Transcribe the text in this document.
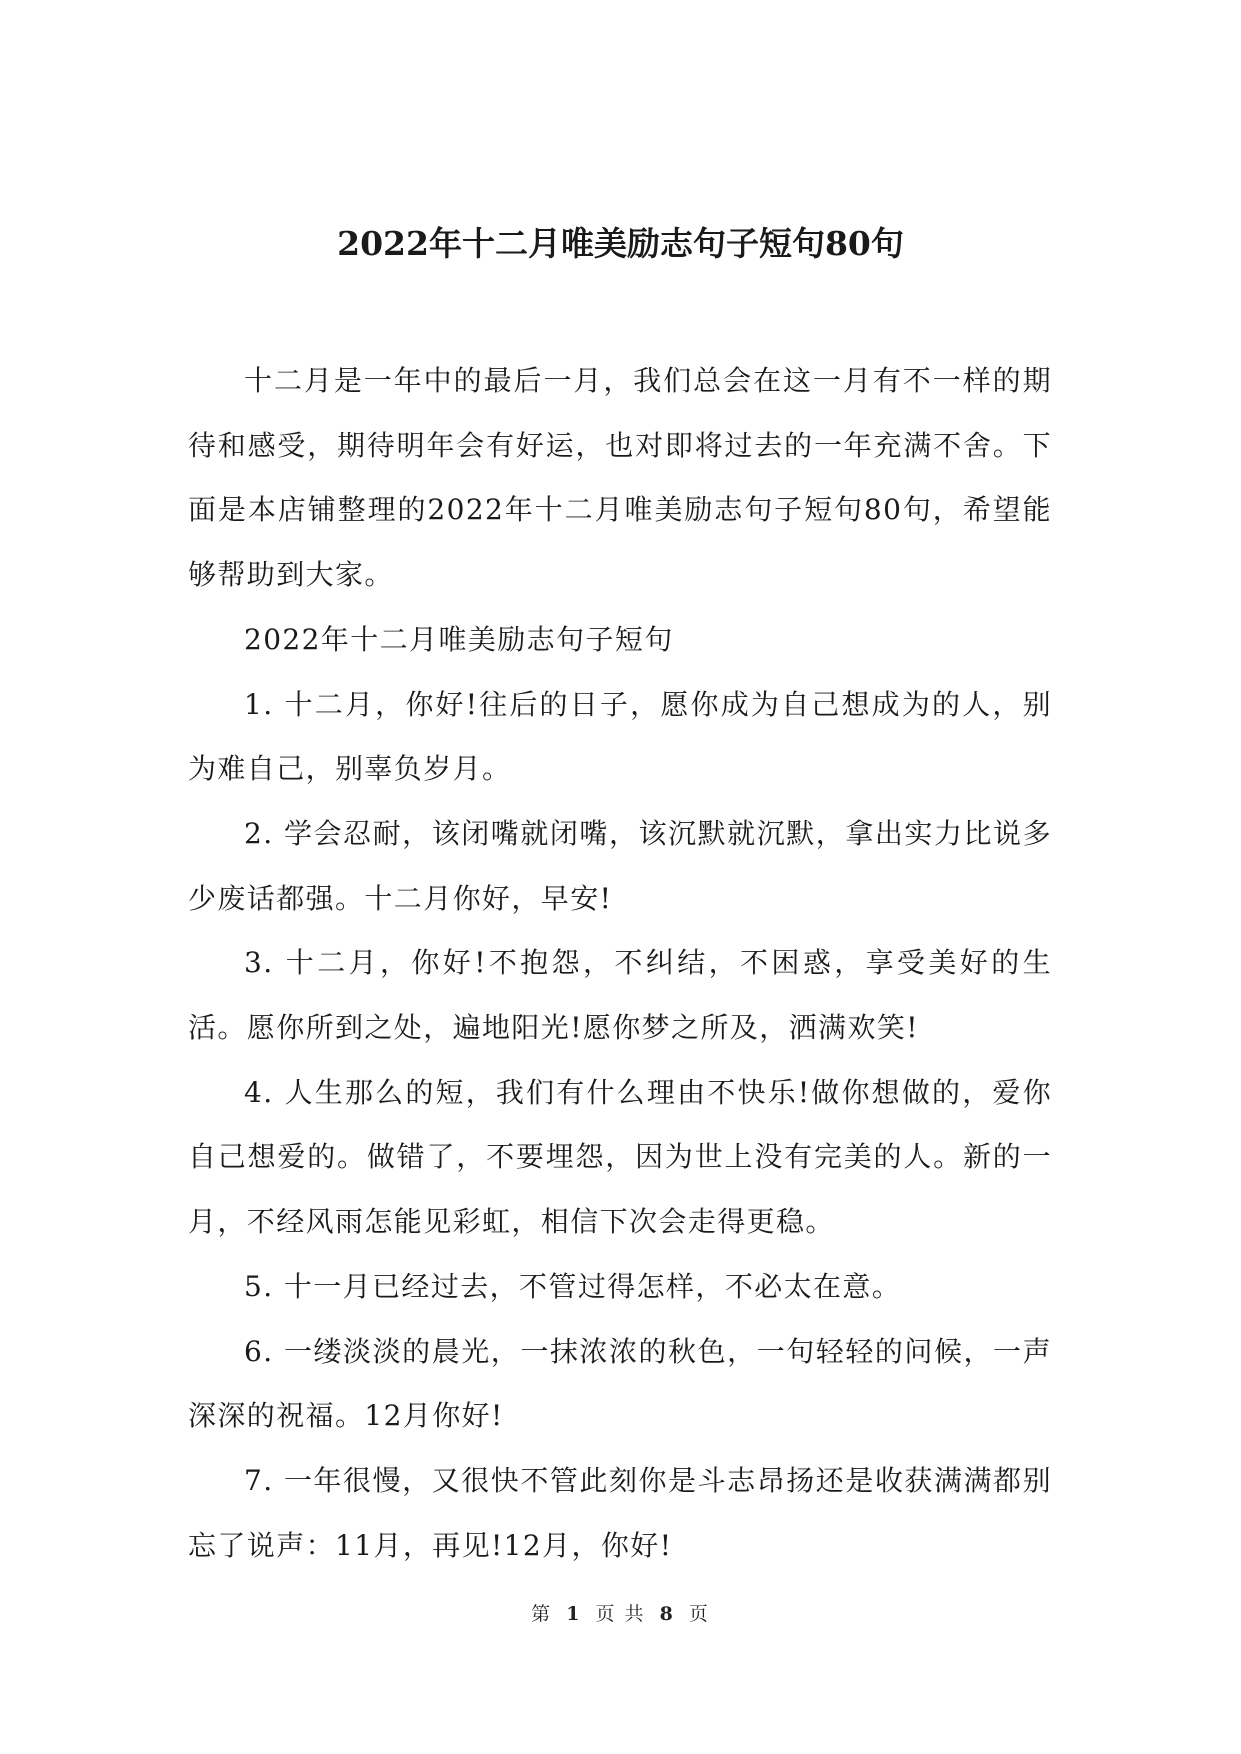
2022年十二月唯美励志句子短句80句

十二月是一年中的最后一月，我们总会在这一月有不一样的期待和感受，期待明年会有好运，也对即将过去的一年充满不舍。下面是本店铺整理的2022年十二月唯美励志句子短句80句，希望能够帮助到大家。

2022年十二月唯美励志句子短句

1. 十二月，你好!往后的日子，愿你成为自己想成为的人，别为难自己，别辜负岁月。

2. 学会忍耐，该闭嘴就闭嘴，该沉默就沉默，拿出实力比说多少废话都强。十二月你好，早安!

3. 十二月，你好!不抱怨，不纠结，不困惑，享受美好的生活。愿你所到之处，遍地阳光!愿你梦之所及，洒满欢笑!

4. 人生那么的短，我们有什么理由不快乐!做你想做的，爱你自己想爱的。做错了，不要埋怨，因为世上没有完美的人。新的一月，不经风雨怎能见彩虹，相信下次会走得更稳。

5. 十一月已经过去，不管过得怎样，不必太在意。

6. 一缕淡淡的晨光，一抹浓浓的秋色，一句轻轻的问候，一声深深的祝福。12月你好!

7. 一年很慢，又很快不管此刻你是斗志昂扬还是收获满满都别忘了说声：11月，再见!12月，你好!

第 1 页 共 8 页
